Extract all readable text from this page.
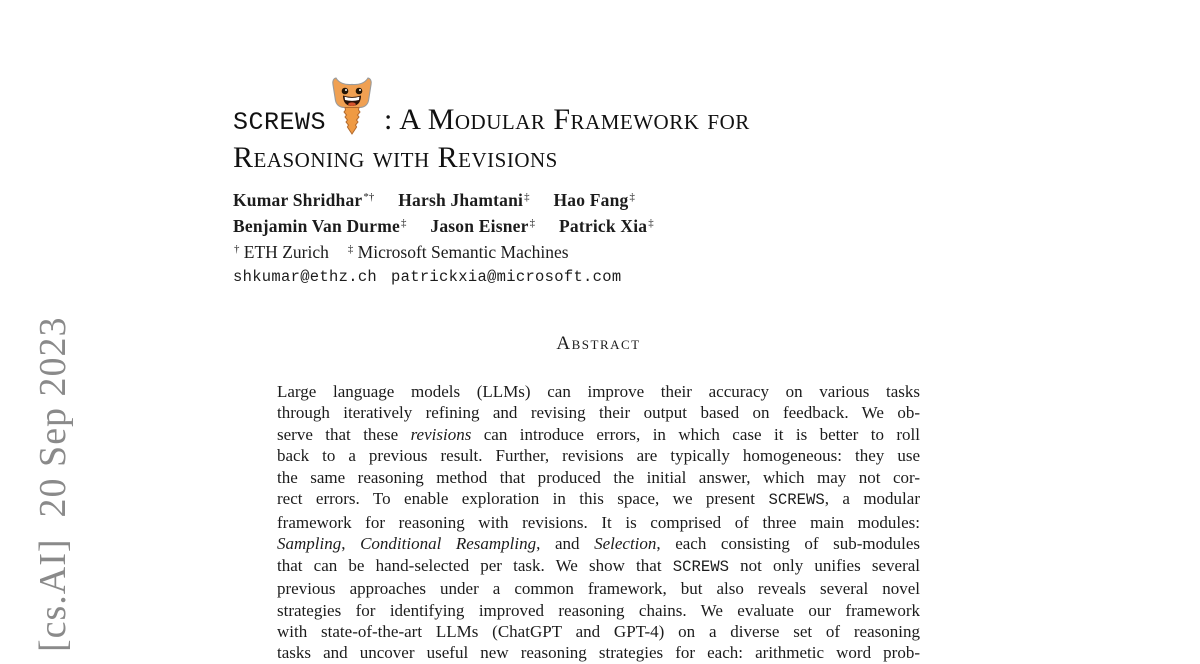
[cs.AI]  20 Sep 2023
SCREWS : A Modular Framework for
Reasoning with Revisions
Kumar Shridhar*† Harsh Jhamtani‡ Hao Fang‡
Benjamin Van Durme‡ Jason Eisner‡ Patrick Xia‡
† ETH Zurich ‡ Microsoft Semantic Machines
shkumar@ethz.ch patrickxia@microsoft.com
Abstract
Large language models (LLMs) can improve their accuracy on various tasks
through iteratively refining and revising their output based on feedback. We ob-
serve that these revisions can introduce errors, in which case it is better to roll
back to a previous result. Further, revisions are typically homogeneous: they use
the same reasoning method that produced the initial answer, which may not cor-
rect errors. To enable exploration in this space, we present SCREWS, a modular
framework for reasoning with revisions. It is comprised of three main modules:
Sampling, Conditional Resampling, and Selection, each consisting of sub-modules
that can be hand-selected per task. We show that SCREWS not only unifies several
previous approaches under a common framework, but also reveals several novel
strategies for identifying improved reasoning chains. We evaluate our framework
with state-of-the-art LLMs (ChatGPT and GPT-4) on a diverse set of reasoning
tasks and uncover useful new reasoning strategies for each: arithmetic word prob-
